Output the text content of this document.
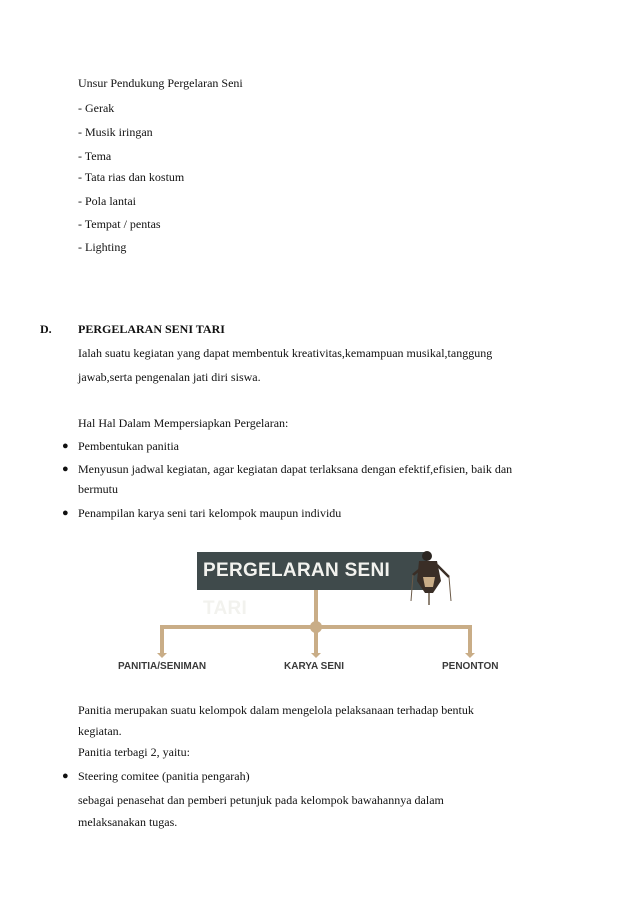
Unsur Pendukung Pergelaran Seni
- Gerak
- Musik iringan
- Tema
- Tata rias dan kostum
- Pola lantai
- Tempat / pentas
- Lighting
D. PERGELARAN SENI TARI
Ialah suatu kegiatan yang dapat membentuk kreativitas,kemampuan musikal,tanggung
jawab,serta pengenalan jati diri siswa.
Hal Hal Dalam Mempersiapkan Pergelaran:
● Pembentukan panitia
● Menyusun jadwal kegiatan, agar kegiatan dapat terlaksana dengan efektif,efisien, baik dan
bermutu
● Penampilan karya seni tari kelompok maupun individu
PERGELARAN SENI TARI
PANITIA/SENIMAN	KARYA SENI	PENONTON
Panitia merupakan suatu kelompok dalam mengelola pelaksanaan terhadap bentuk
kegiatan.
Panitia terbagi 2, yaitu:
● Steering comitee (panitia pengarah)
sebagai penasehat dan pemberi petunjuk pada kelompok bawahannya dalam
melaksanakan tugas.
